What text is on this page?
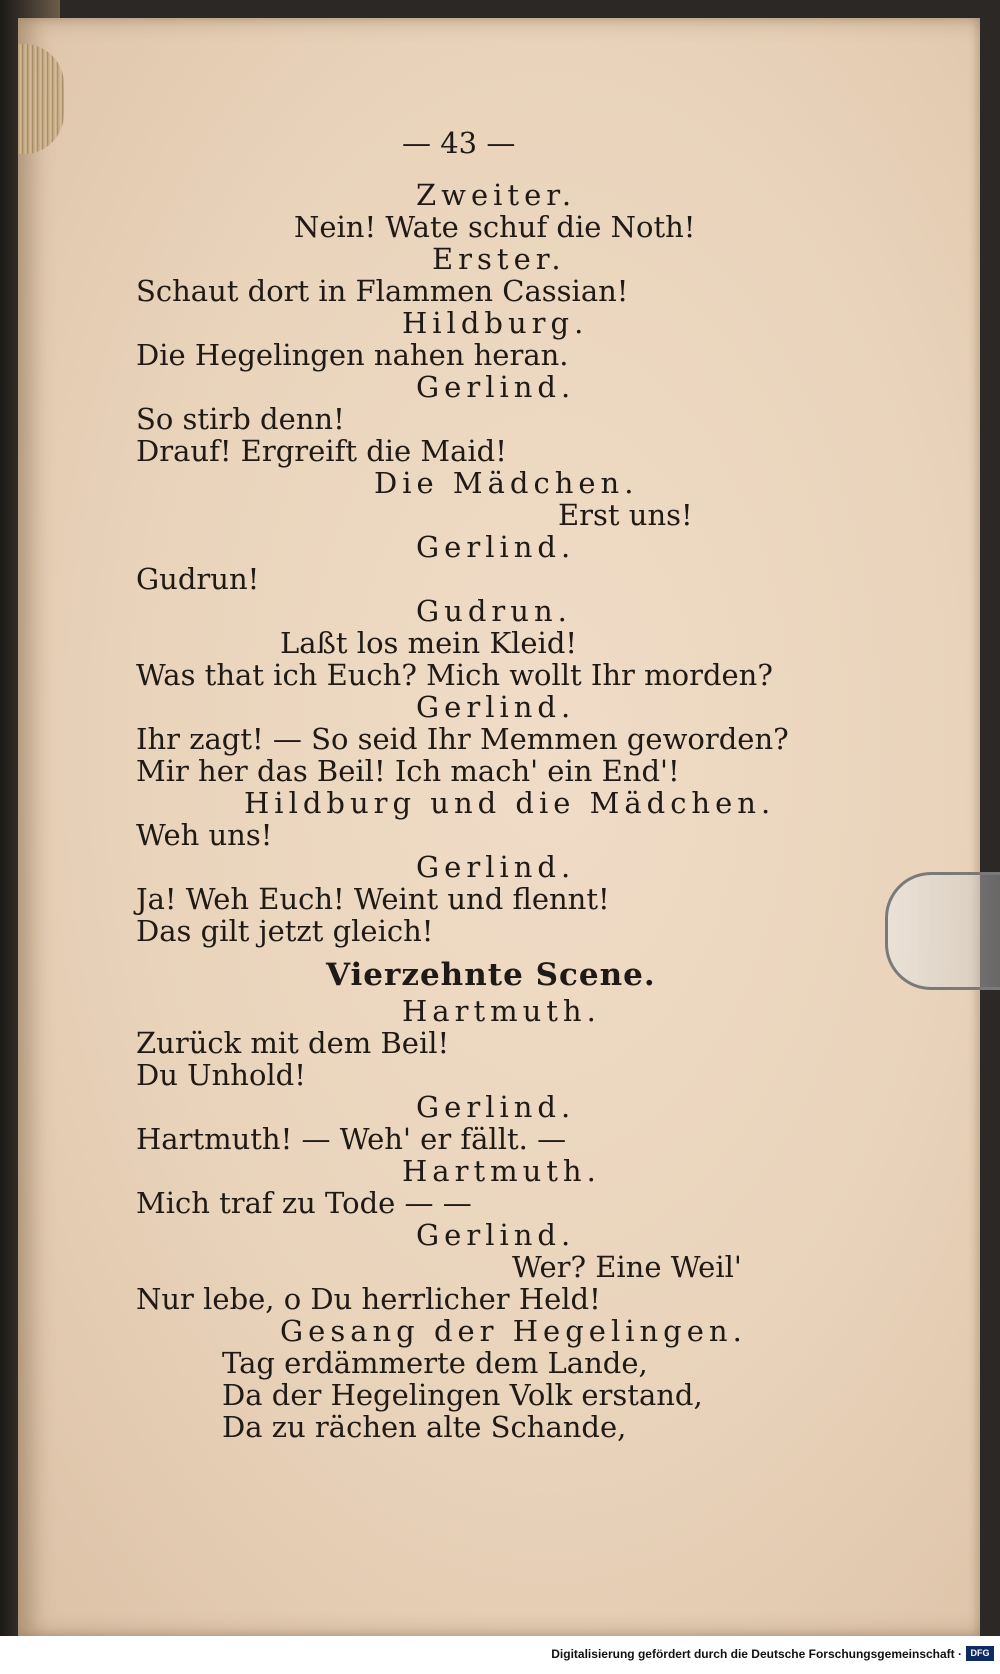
— 43 —
Zweiter.
Nein! Wate schuf die Noth!
Erster.
Schaut dort in Flammen Cassian!
Hildburg.
Die Hegelingen nahen heran.
Gerlind.
So stirb denn!
Drauf! Ergreift die Maid!
Die Mädchen.
Erst uns!
Gerlind.
Gudrun!
Gudrun.
Laßt los mein Kleid!
Was that ich Euch? Mich wollt Ihr morden?
Gerlind.
Ihr zagt! — So seid Ihr Memmen geworden?
Mir her das Beil! Ich mach' ein End'!
Hildburg und die Mädchen.
Weh uns!
Gerlind.
Ja! Weh Euch! Weint und flennt!
Das gilt jetzt gleich!
Vierzehnte Scene.
Hartmuth.
Zurück mit dem Beil!
Du Unhold!
Gerlind.
Hartmuth! — Weh' er fällt. —
Hartmuth.
Mich traf zu Tode — —
Gerlind.
Wer? Eine Weil'
Nur lebe, o Du herrlicher Held!
Gesang der Hegelingen.
Tag erdämmerte dem Lande,
Da der Hegelingen Volk erstand,
Da zu rächen alte Schande,
Digitalisierung gefördert durch die Deutsche Forschungsgemeinschaft · DFG
